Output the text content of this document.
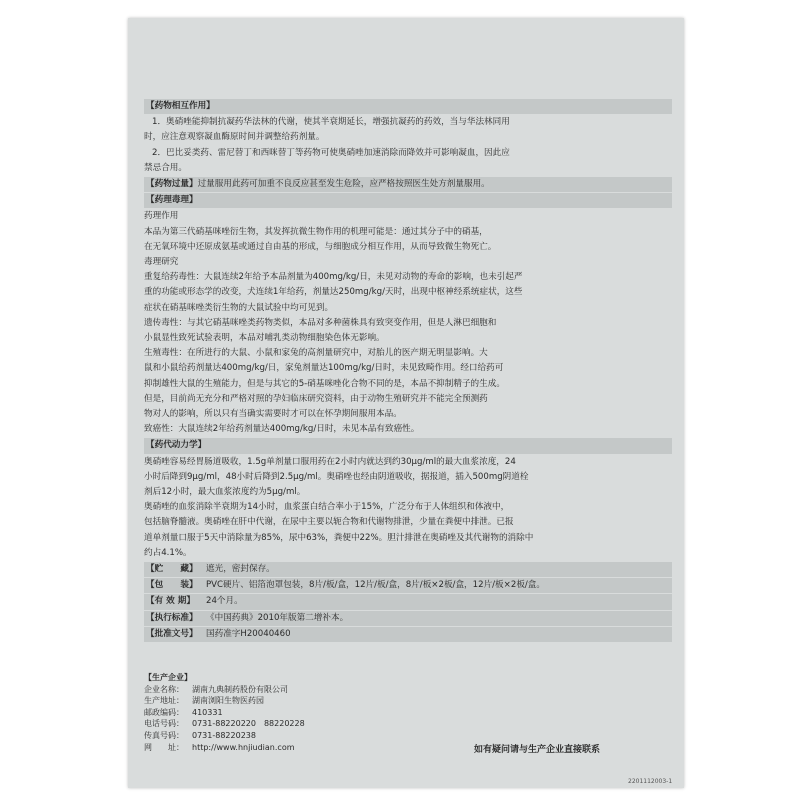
【药物相互作用】
1．奥硝唑能抑制抗凝药华法林的代谢，使其半衰期延长，增强抗凝药的药效，当与华法林同用
时，应注意观察凝血酶原时间并调整给药剂量。
2．巴比妥类药、雷尼替丁和西咪替丁等药物可使奥硝唑加速消除而降效并可影响凝血，因此应
禁忌合用。
【药物过量】过量服用此药可加重不良反应甚至发生危险，应严格按照医生处方剂量服用。
【药理毒理】
药理作用
本品为第三代硝基咪唑衍生物，其发挥抗微生物作用的机理可能是：通过其分子中的硝基，
在无氧环境中还原成氨基或通过自由基的形成，与细胞成分相互作用，从而导致微生物死亡。
毒理研究
重复给药毒性：大鼠连续2年给予本品剂量为400mg/kg/日，未见对动物的寿命的影响，也未引起严
重的功能或形态学的改变，犬连续1年给药，剂量达250mg/kg/天时，出现中枢神经系统症状，这些
症状在硝基咪唑类衍生物的大鼠试验中均可见到。
遗传毒性：与其它硝基咪唑类药物类似，本品对多种菌株具有致突变作用，但是人淋巴细胞和
小鼠显性致死试验表明，本品对哺乳类动物细胞染色体无影响。
生殖毒性：在所进行的大鼠、小鼠和家兔的高剂量研究中，对胎儿的医产期无明显影响。大
鼠和小鼠给药剂量达400mg/kg/日，家兔剂量达100mg/kg/日时，未见致畸作用。经口给药可
抑制雄性大鼠的生殖能力，但是与其它的5-硝基咪唑化合物不同的是，本品不抑制精子的生成。
但是，目前尚无充分和严格对照的孕妇临床研究资料，由于动物生殖研究并不能完全预测药
物对人的影响，所以只有当确实需要时才可以在怀孕期间服用本品。
致癌性：大鼠连续2年给药剂量达400mg/kg/日时，未见本品有致癌性。
【药代动力学】
奥硝唑容易经胃肠道吸收，1.5g单剂量口服用药在2小时内就达到约30μg/ml的最大血浆浓度，24
小时后降到9μg/ml，48小时后降到2.5μg/ml。奥硝唑也经由阴道吸收，据报道，插入500mg阴道栓
剂后12小时，最大血浆浓度约为5μg/ml。
奥硝唑的血浆消除半衰期为14小时，血浆蛋白结合率小于15%，广泛分布于人体组织和体液中，
包括脑脊髓液。奥硝唑在肝中代谢，在尿中主要以轭合物和代谢物排泄，少量在粪便中排泄。已报
道单剂量口服于5天中消除量为85%，尿中63%，粪便中22%。胆汁排泄在奥硝唑及其代谢物的消除中
约占4.1%。
【贮　　藏】 遮光，密封保存。
【包　　装】 PVC硬片、铝箔泡罩包装，8片/板/盒，12片/板/盒，8片/板×2板/盒，12片/板×2板/盒。
【有 效 期】 24个月。
【执行标准】 《中国药典》2010年版第二增补本。
【批准文号】 国药准字H20040460
【生产企业】
企业名称： 湖南九典制药股份有限公司
生产地址： 湖南浏阳生物医药园
邮政编码： 410331
电话号码： 0731-88220220　88220228
传真号码： 0731-88220238
网　　址： http://www.hnjiudian.com	如有疑问请与生产企业直接联系
2201112003-1
